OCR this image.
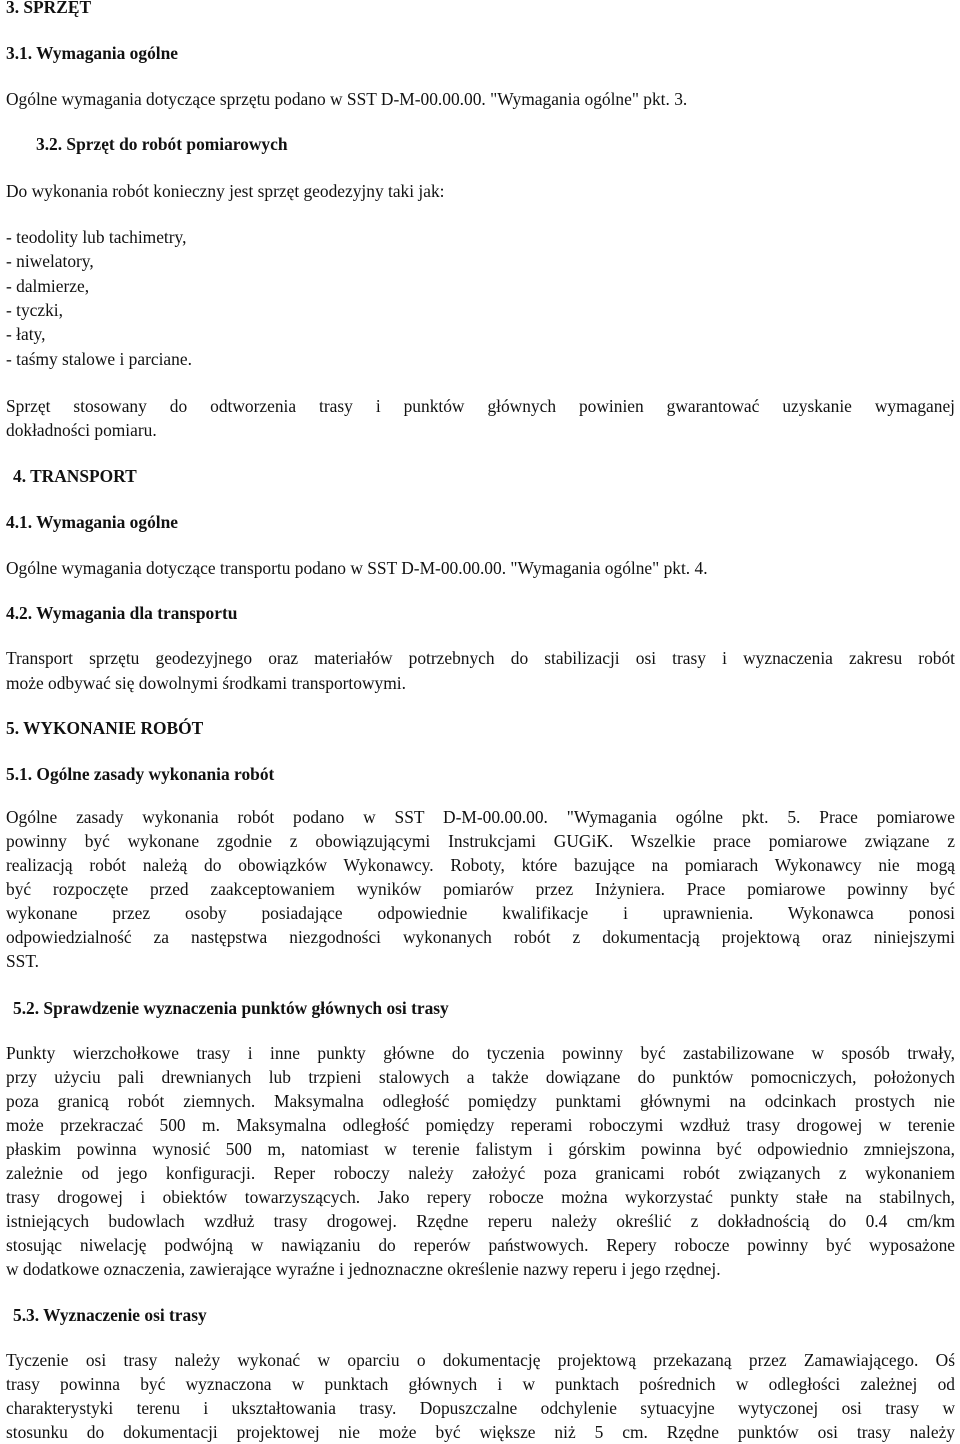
3. SPRZĘT
3.1. Wymagania ogólne
Ogólne wymagania dotyczące sprzętu podano w SST D-M-00.00.00. "Wymagania ogólne" pkt. 3.
3.2. Sprzęt do robót pomiarowych
Do wykonania robót konieczny jest sprzęt geodezyjny taki jak:
- teodolity lub tachimetry,
- niwelatory,
- dalmierze,
- tyczki,
- łaty,
- taśmy stalowe i parciane.
Sprzęt stosowany do odtworzenia trasy i punktów głównych powinien gwarantować uzyskanie wymaganej
dokładności pomiaru.
4. TRANSPORT
4.1. Wymagania ogólne
Ogólne wymagania dotyczące transportu podano w SST D-M-00.00.00. "Wymagania ogólne" pkt. 4.
4.2. Wymagania dla transportu
Transport sprzętu geodezyjnego oraz materiałów potrzebnych do stabilizacji osi trasy i wyznaczenia zakresu robót
może odbywać się dowolnymi środkami transportowymi.
5. WYKONANIE ROBÓT
5.1. Ogólne zasady wykonania robót
Ogólne zasady wykonania robót podano w SST D-M-00.00.00. "Wymagania ogólne pkt. 5. Prace pomiarowe
powinny być wykonane zgodnie z obowiązującymi Instrukcjami GUGiK. Wszelkie prace pomiarowe związane z
realizacją robót należą do obowiązków Wykonawcy. Roboty, które bazujące na pomiarach Wykonawcy nie mogą
być rozpoczęte przed zaakceptowaniem wyników pomiarów przez Inżyniera. Prace pomiarowe powinny być
wykonane przez osoby posiadające odpowiednie kwalifikacje i uprawnienia. Wykonawca ponosi
odpowiedzialność za następstwa niezgodności wykonanych robót z dokumentacją projektową oraz niniejszymi
SST.
5.2. Sprawdzenie wyznaczenia punktów głównych osi trasy
Punkty wierzchołkowe trasy i inne punkty główne do tyczenia powinny być zastabilizowane w sposób trwały,
przy użyciu pali drewnianych lub trzpieni stalowych a także dowiązane do punktów pomocniczych, położonych
poza granicą robót ziemnych. Maksymalna odległość pomiędzy punktami głównymi na odcinkach prostych nie
może przekraczać 500 m. Maksymalna odległość pomiędzy reperami roboczymi wzdłuż trasy drogowej w terenie
płaskim powinna wynosić 500 m, natomiast w terenie falistym i górskim powinna być odpowiednio zmniejszona,
zależnie od jego konfiguracji. Reper roboczy należy założyć poza granicami robót związanych z wykonaniem
trasy drogowej i obiektów towarzyszących. Jako repery robocze można wykorzystać punkty stałe na stabilnych,
istniejących budowlach wzdłuż trasy drogowej. Rzędne reperu należy określić z dokładnością do 0.4 cm/km
stosując niwelację podwójną w nawiązaniu do reperów państwowych. Repery robocze powinny być wyposażone
w dodatkowe oznaczenia, zawierające wyraźne i jednoznaczne określenie nazwy reperu i jego rzędnej.
5.3. Wyznaczenie osi trasy
Tyczenie osi trasy należy wykonać w oparciu o dokumentację projektową przekazaną przez Zamawiającego. Oś
trasy powinna być wyznaczona w punktach głównych i w punktach pośrednich w odległości zależnej od
charakterystyki terenu i ukształtowania trasy. Dopuszczalne odchylenie sytuacyjne wytyczonej osi trasy w
stosunku do dokumentacji projektowej nie może być większe niż 5 cm. Rzędne punktów osi trasy należy
